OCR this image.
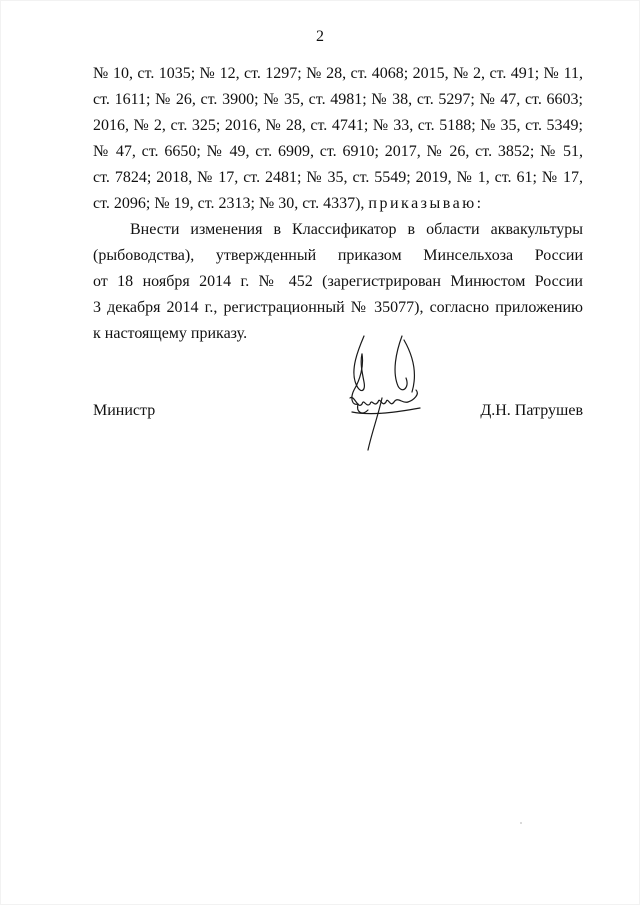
2
№ 10, ст. 1035; № 12, ст. 1297; № 28, ст. 4068; 2015, № 2, ст. 491; № 11,
ст. 1611; № 26, ст. 3900; № 35, ст. 4981; № 38, ст. 5297; № 47, ст. 6603;
2016, № 2, ст. 325; 2016, № 28, ст. 4741; № 33, ст. 5188; № 35, ст. 5349;
№ 47, ст. 6650; № 49, ст. 6909, ст. 6910; 2017, № 26, ст. 3852; № 51,
ст. 7824; 2018, № 17, ст. 2481; № 35, ст. 5549; 2019, № 1, ст. 61; № 17,
ст. 2096; № 19, ст. 2313; № 30, ст. 4337), приказываю:
Внести изменения в Классификатор в области аквакультуры
(рыбоводства), утвержденный приказом Минсельхоза России
от 18 ноября 2014 г. № 452 (зарегистрирован Минюстом России
3 декабря 2014 г., регистрационный № 35077), согласно приложению
к настоящему приказу.
Министр	Д.Н. Патрушев
